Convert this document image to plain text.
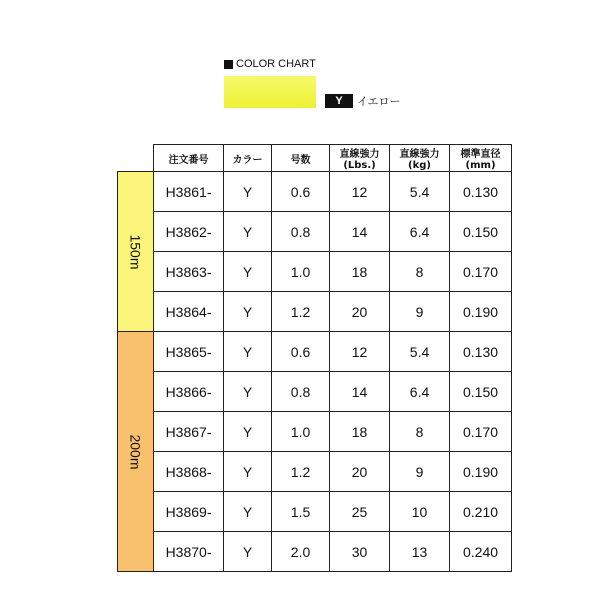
COLOR CHART
Y	イエロー
	注文番号	カラー	号数	直線強力(Lbs.)	直線強力(kg)	標準直径(mm)
150m	H3861-	Y	0.6	12	5.4	0.130
	H3862-	Y	0.8	14	6.4	0.150
	H3863-	Y	1.0	18	8	0.170
	H3864-	Y	1.2	20	9	0.190
200m	H3865-	Y	0.6	12	5.4	0.130
	H3866-	Y	0.8	14	6.4	0.150
	H3867-	Y	1.0	18	8	0.170
	H3868-	Y	1.2	20	9	0.190
	H3869-	Y	1.5	25	10	0.210
	H3870-	Y	2.0	30	13	0.240
